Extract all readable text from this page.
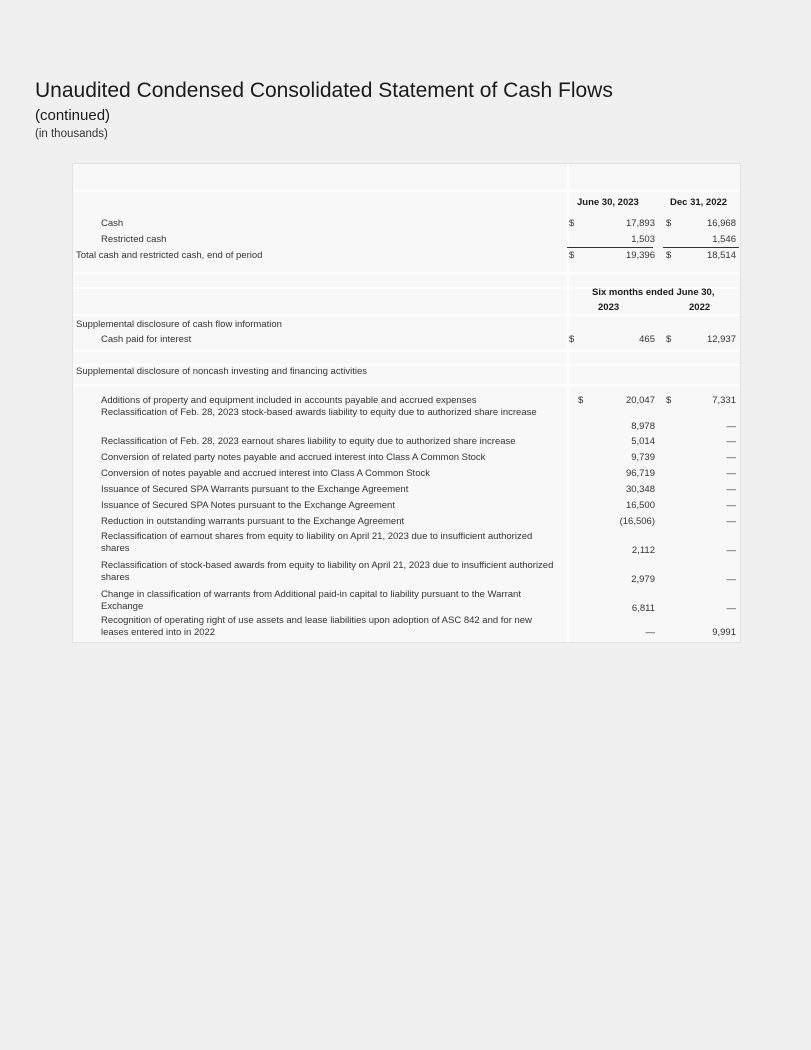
Unaudited Condensed Consolidated Statement of Cash Flows
(continued)
(in thousands)
June 30, 2023	Dec 31, 2022
Cash	$	17,893 $	16,968
Restricted cash	1,503	1,546
Total cash and restricted cash, end of period	$	19,396 $	18,514
Six months ended June 30,
2023	2022
Supplemental disclosure of cash flow information
Cash paid for interest	$	465 $	12,937
Supplemental disclosure of noncash investing and financing activities
Additions of property and equipment included in accounts payable and accrued expenses	$	20,047 $	7,331
Reclassification of Feb. 28, 2023 stock-based awards liability to equity due to authorized share increase
8,978	—
Reclassification of Feb. 28, 2023 earnout shares liability to equity due to authorized share increase	5,014	—
Conversion of related party notes payable and accrued interest into Class A Common Stock	9,739	—
Conversion of notes payable and accrued interest into Class A Common Stock	96,719	—
Issuance of Secured SPA Warrants pursuant to the Exchange Agreement	30,348	—
Issuance of Secured SPA Notes pursuant to the Exchange Agreement	16,500	—
Reduction in outstanding warrants pursuant to the Exchange Agreement	(16,506)	—
Reclassification of earnout shares from equity to liability on April 21, 2023 due to insufficient authorized shares	2,112	—
Reclassification of stock-based awards from equity to liability on April 21, 2023 due to insufficient authorized shares	2,979	—
Change in classification of warrants from Additional paid-in capital to liability pursuant to the Warrant Exchange	6,811	—
Recognition of operating right of use assets and lease liabilities upon adoption of ASC 842 and for new leases entered into in 2022	—	9,991
